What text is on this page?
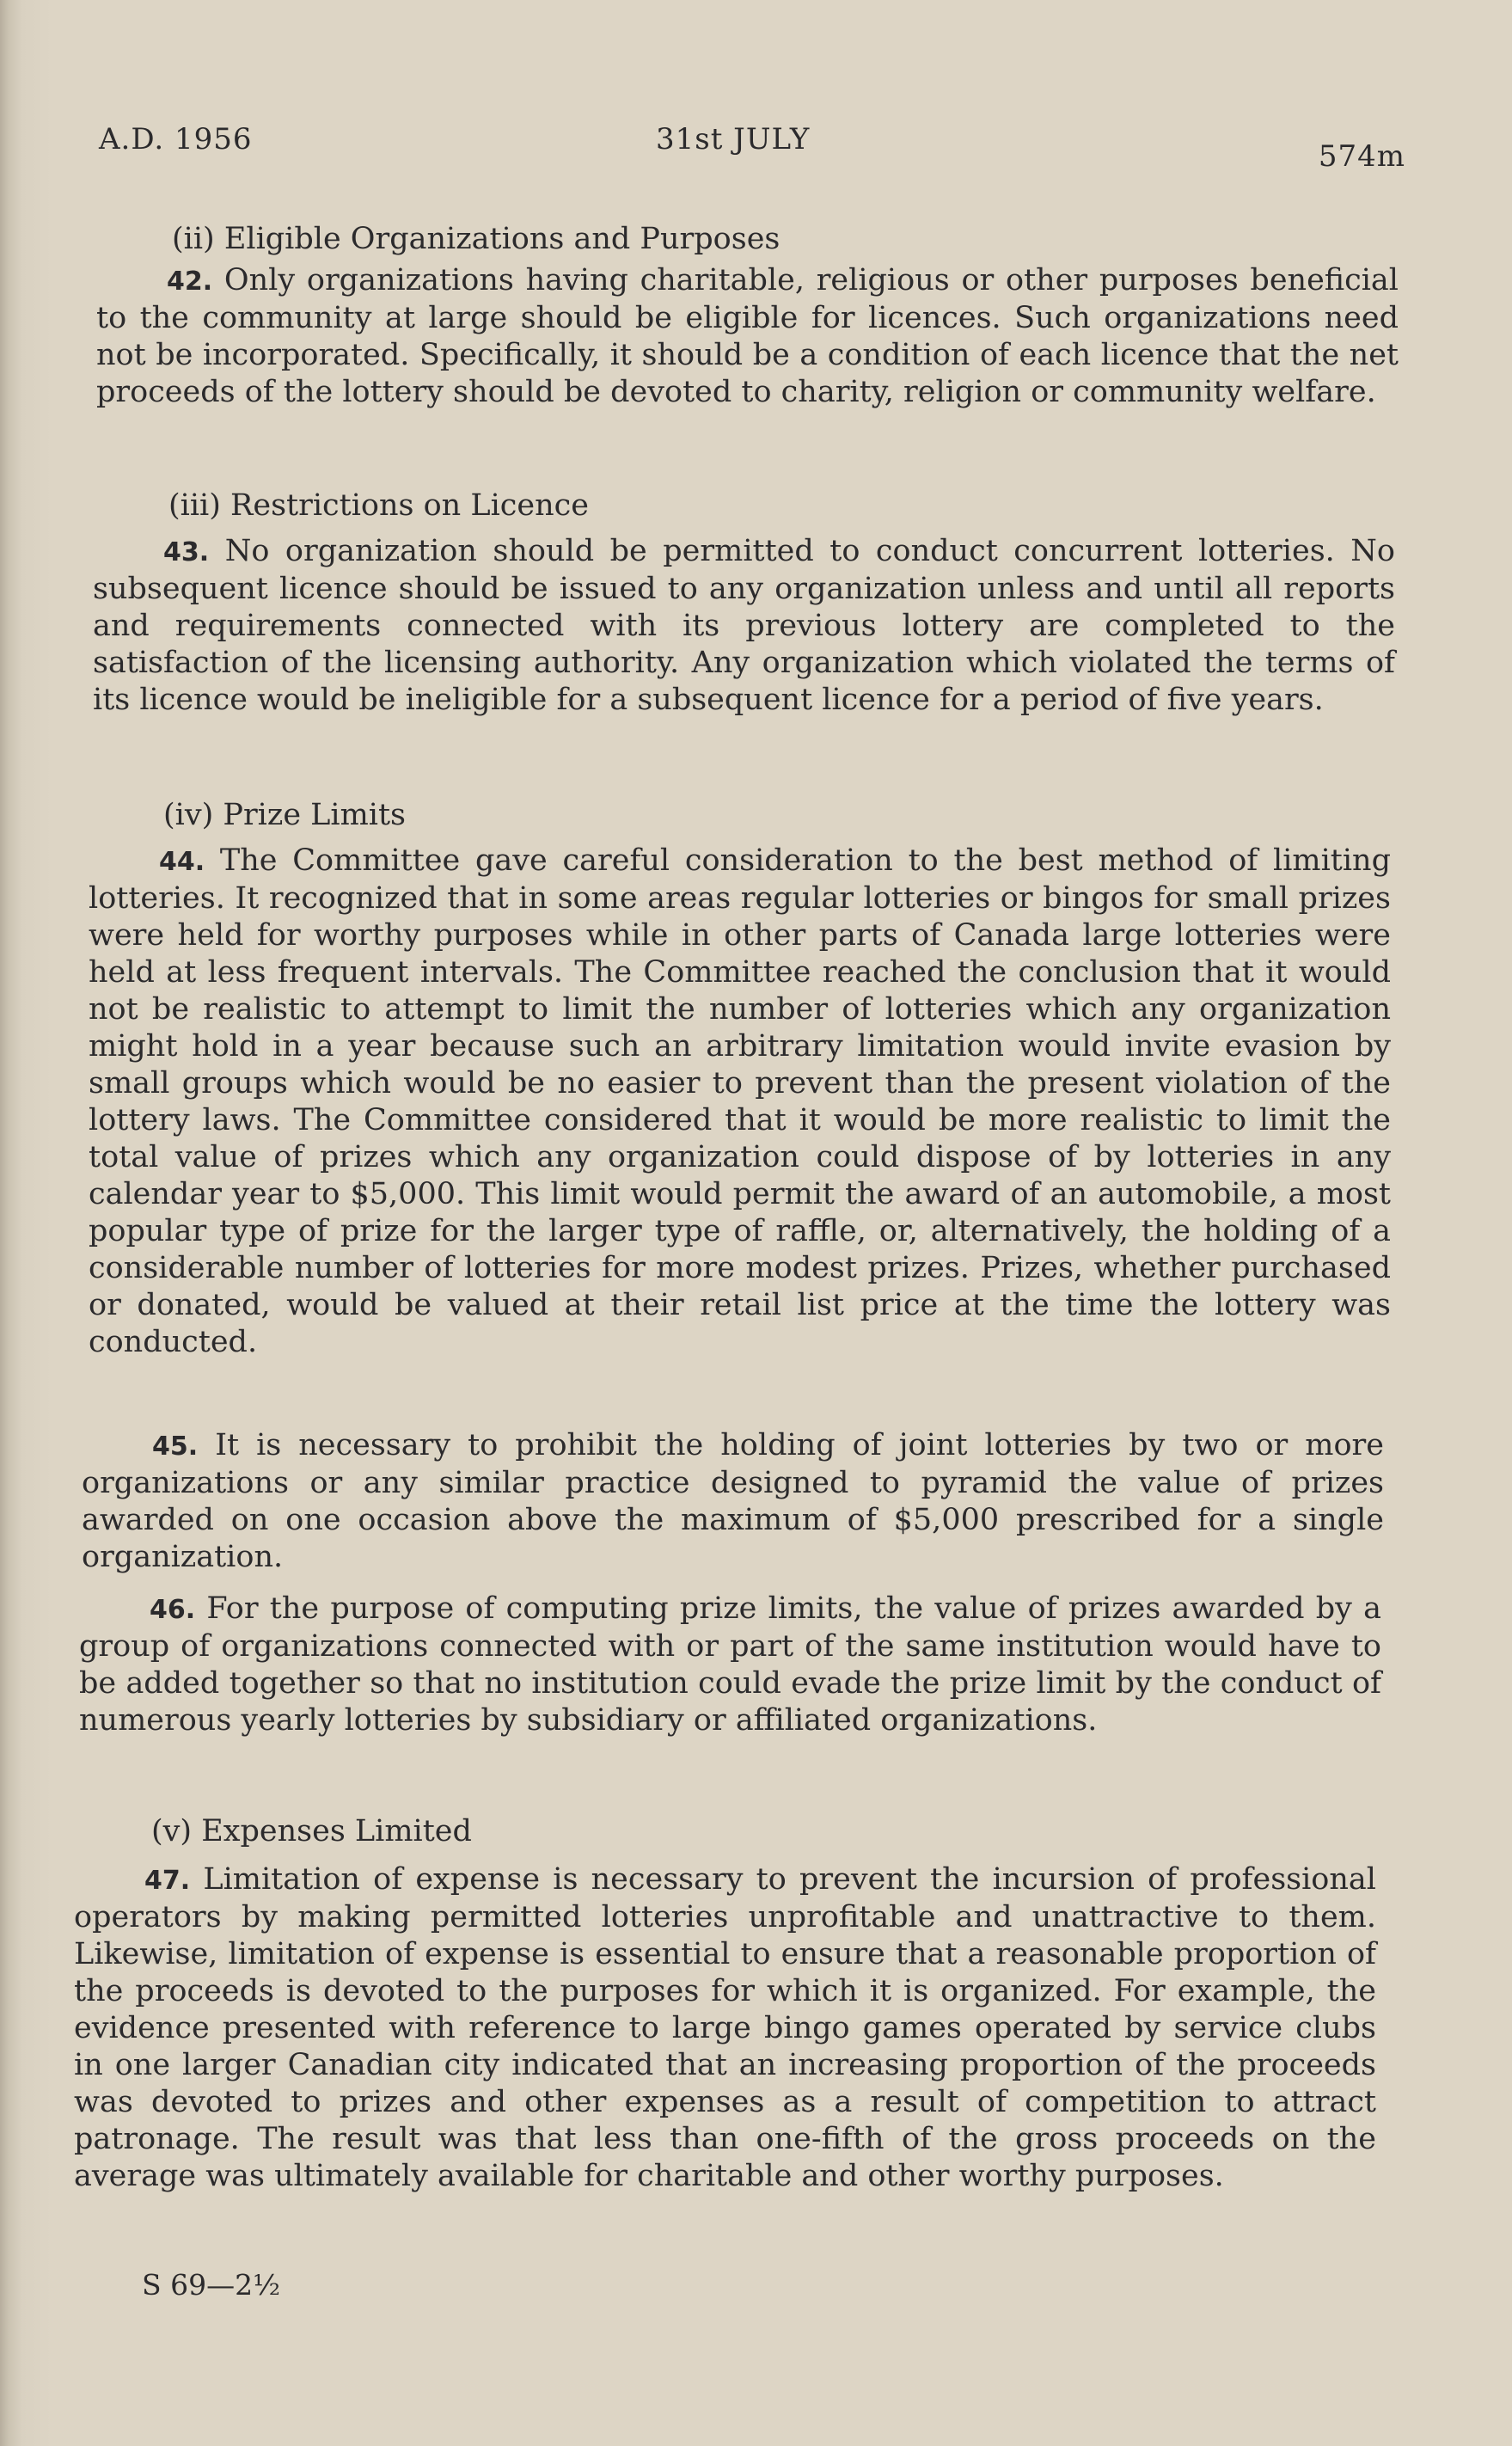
A.D. 1956	31st JULY	574m
(ii) Eligible Organizations and Purposes

42. Only organizations having charitable, religious or other purposes beneficial to the community at large should be eligible for licences. Such organizations need not be incorporated. Specifically, it should be a condition of each licence that the net proceeds of the lottery should be devoted to charity, religion or community welfare.

(iii) Restrictions on Licence

43. No organization should be permitted to conduct concurrent lotteries. No subsequent licence should be issued to any organization unless and until all reports and requirements connected with its previous lottery are completed to the satisfaction of the licensing authority. Any organization which violated the terms of its licence would be ineligible for a subsequent licence for a period of five years.

(iv) Prize Limits

44. The Committee gave careful consideration to the best method of limiting lotteries. It recognized that in some areas regular lotteries or bingos for small prizes were held for worthy purposes while in other parts of Canada large lotteries were held at less frequent intervals. The Committee reached the conclusion that it would not be realistic to attempt to limit the number of lotteries which any organization might hold in a year because such an arbitrary limitation would invite evasion by small groups which would be no easier to prevent than the present violation of the lottery laws. The Committee considered that it would be more realistic to limit the total value of prizes which any organization could dispose of by lotteries in any calendar year to $5,000. This limit would permit the award of an automobile, a most popular type of prize for the larger type of raffle, or, alternatively, the holding of a considerable number of lotteries for more modest prizes. Prizes, whether purchased or donated, would be valued at their retail list price at the time the lottery was conducted.

45. It is necessary to prohibit the holding of joint lotteries by two or more organizations or any similar practice designed to pyramid the value of prizes awarded on one occasion above the maximum of $5,000 prescribed for a single organization.

46. For the purpose of computing prize limits, the value of prizes awarded by a group of organizations connected with or part of the same institution would have to be added together so that no institution could evade the prize limit by the conduct of numerous yearly lotteries by subsidiary or affiliated organizations.

(v) Expenses Limited

47. Limitation of expense is necessary to prevent the incursion of professional operators by making permitted lotteries unprofitable and unattractive to them. Likewise, limitation of expense is essential to ensure that a reasonable proportion of the proceeds is devoted to the purposes for which it is organized. For example, the evidence presented with reference to large bingo games operated by service clubs in one larger Canadian city indicated that an increasing proportion of the proceeds was devoted to prizes and other expenses as a result of competition to attract patronage. The result was that less than one-fifth of the gross proceeds on the average was ultimately available for charitable and other worthy purposes.

S 69—2½
